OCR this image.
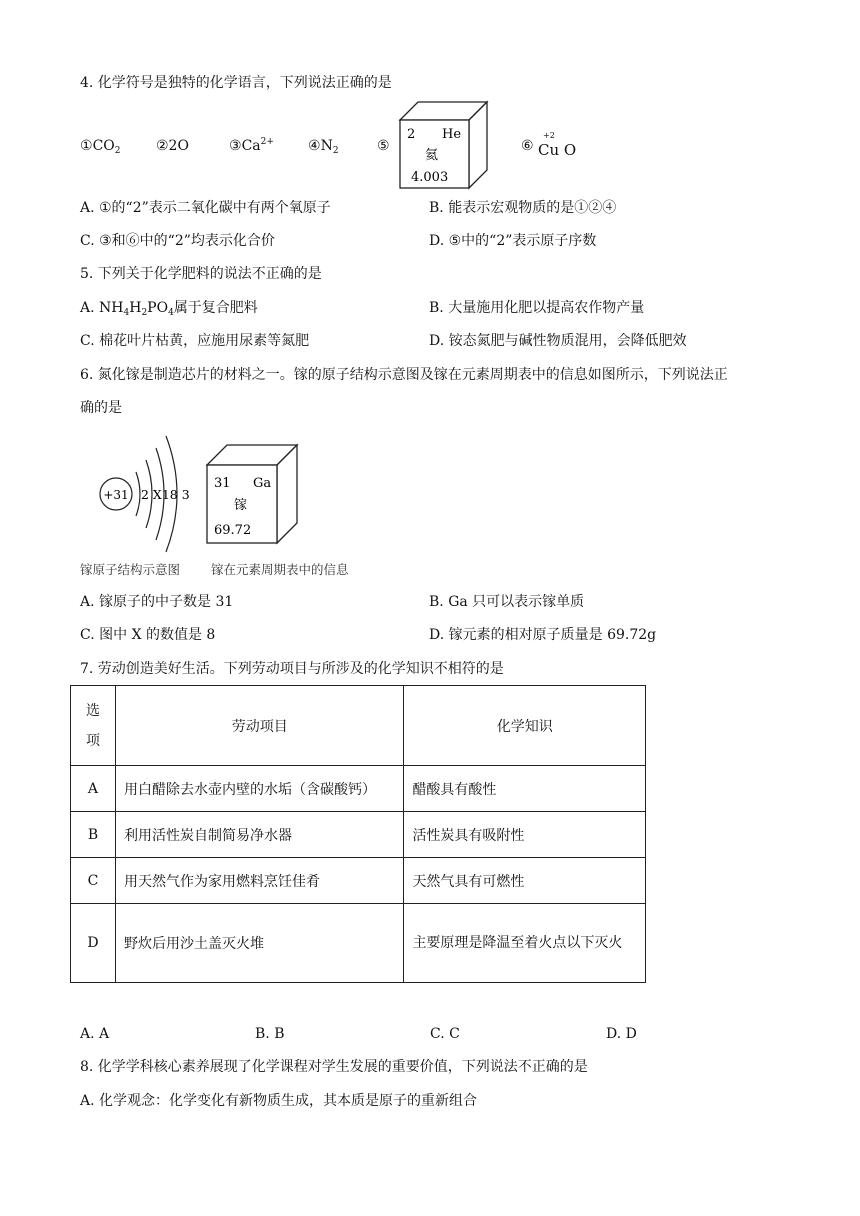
4. 化学符号是独特的化学语言，下列说法正确的是
$①CO_2$	②2O	$③Ca^{2+}$ $④N_2$	⑤
2 He
氦
4.003
⑥
+2
Cu O
A. ①的“2”表示二氧化碳中有两个氧原子	B. 能表示宏观物质的是①②④
C. ③和⑥中的“2”均表示化合价	D. ⑤中的“2”表示原子序数
5. 下列关于化学肥料的说法不正确的是
A. $NH_4H_2PO_4$属于复合肥料	B. 大量施用化肥以提高农作物产量
C. 棉花叶片枯黄，应施用尿素等氮肥	D. 铵态氮肥与碱性物质混用，会降低肥效
6. 氮化镓是制造芯片的材料之一。镓的原子结构示意图及镓在元素周期表中的信息如图所示，下列说法正
确的是
+31 2 X18 3
31 Ga
镓
69.72
镓原子结构示意图 镓在元素周期表中的信息
A. 镓原子的中子数是 31	B. Ga 只可以表示镓单质
C. 图中 X 的数值是 8	D. 镓元素的相对原子质量是 69.72g
7. 劳动创造美好生活。下列劳动项目与所涉及的化学知识不相符的是
选
项	劳动项目	化学知识
A	用白醋除去水壶内壁的水垢（含碳酸钙）	醋酸具有酸性
B	利用活性炭自制简易净水器	活性炭具有吸附性
C	用天然气作为家用燃料烹饪佳肴	天然气具有可燃性
D	野炊后用沙土盖灭火堆	主要原理是降温至着火点以下灭火
A. A	B. B	C. C	D. D
8. 化学学科核心素养展现了化学课程对学生发展的重要价值，下列说法不正确的是
A. 化学观念：化学变化有新物质生成，其本质是原子的重新组合
